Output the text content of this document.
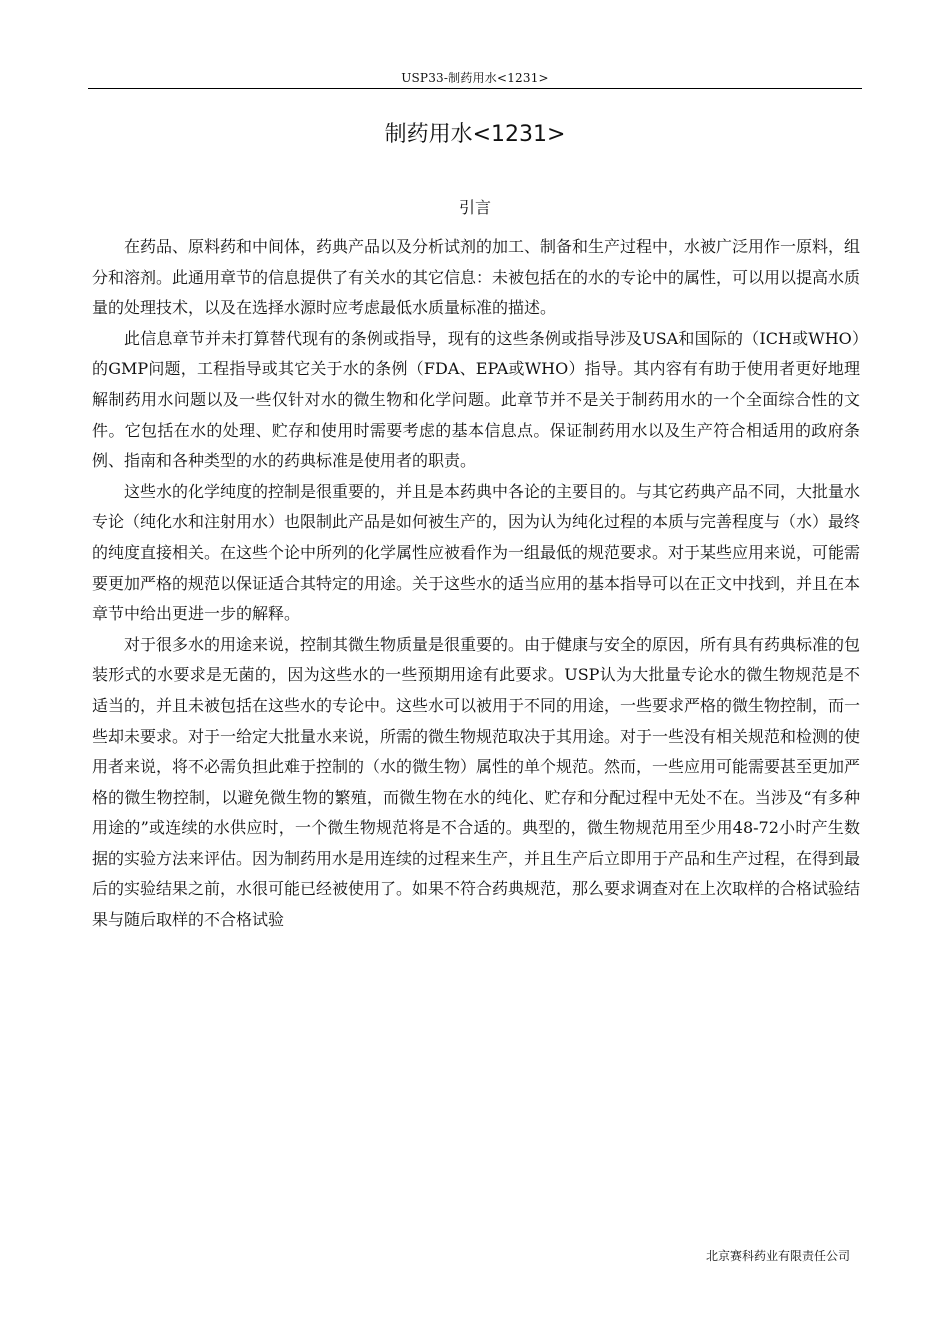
USP33-制药用水<1231>
制药用水<1231>
引言

在药品、原料药和中间体，药典产品以及分析试剂的加工、制备和生产过程中，水被广泛用作一原料，组分和溶剂。此通用章节的信息提供了有关水的其它信息：未被包括在的水的专论中的属性，可以用以提高水质量的处理技术，以及在选择水源时应考虑最低水质量标准的描述。

此信息章节并未打算替代现有的条例或指导，现有的这些条例或指导涉及USA和国际的（ICH或WHO）的GMP问题，工程指导或其它关于水的条例（FDA、EPA或WHO）指导。其内容有有助于使用者更好地理解制药用水问题以及一些仅针对水的微生物和化学问题。此章节并不是关于制药用水的一个全面综合性的文件。它包括在水的处理、贮存和使用时需要考虑的基本信息点。保证制药用水以及生产符合相适用的政府条例、指南和各种类型的水的药典标准是使用者的职责。

这些水的化学纯度的控制是很重要的，并且是本药典中各论的主要目的。与其它药典产品不同，大批量水专论（纯化水和注射用水）也限制此产品是如何被生产的，因为认为纯化过程的本质与完善程度与（水）最终的纯度直接相关。在这些个论中所列的化学属性应被看作为一组最低的规范要求。对于某些应用来说，可能需要更加严格的规范以保证适合其特定的用途。关于这些水的适当应用的基本指导可以在正文中找到，并且在本章节中给出更进一步的解释。

对于很多水的用途来说，控制其微生物质量是很重要的。由于健康与安全的原因，所有具有药典标准的包装形式的水要求是无菌的，因为这些水的一些预期用途有此要求。USP认为大批量专论水的微生物规范是不适当的，并且未被包括在这些水的专论中。这些水可以被用于不同的用途，一些要求严格的微生物控制，而一些却未要求。对于一给定大批量水来说，所需的微生物规范取决于其用途。对于一些没有相关规范和检测的使用者来说，将不必需负担此难于控制的（水的微生物）属性的单个规范。然而，一些应用可能需要甚至更加严格的微生物控制，以避免微生物的繁殖，而微生物在水的纯化、贮存和分配过程中无处不在。当涉及“有多种用途的”或连续的水供应时，一个微生物规范将是不合适的。典型的，微生物规范用至少用48-72小时产生数据的实验方法来评估。因为制药用水是用连续的过程来生产，并且生产后立即用于产品和生产过程，在得到最后的实验结果之前，水很可能已经被使用了。如果不符合药典规范，那么要求调查对在上次取样的合格试验结果与随后取样的不合格试验

北京赛科药业有限责任公司
